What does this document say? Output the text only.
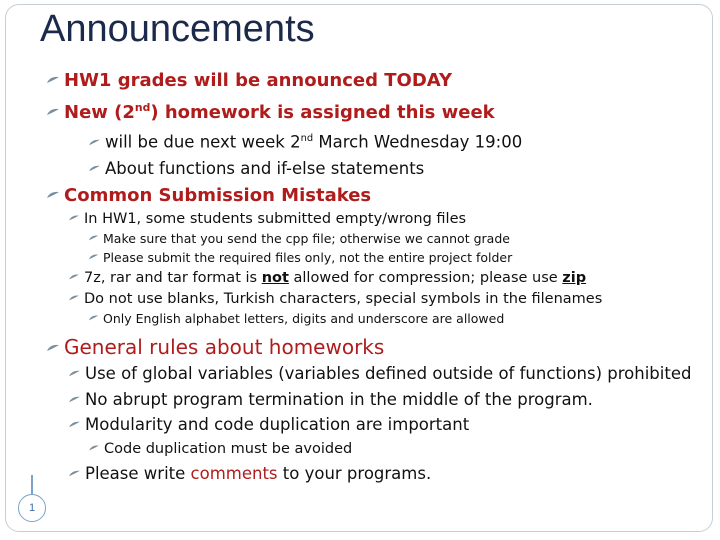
Announcements
HW1 grades will be announced TODAY
New (2nd) homework is assigned this week
will be due next week 2nd March Wednesday 19:00
About functions and if-else statements
Common Submission Mistakes
In HW1, some students submitted empty/wrong files
Make sure that you send the cpp file; otherwise we cannot grade
Please submit the required files only, not the entire project folder
7z, rar and tar format is not allowed for compression; please use zip
Do not use blanks, Turkish characters, special symbols in the filenames
Only English alphabet letters, digits and underscore are allowed
General rules about homeworks
Use of global variables (variables defined outside of functions) prohibited
No abrupt program termination in the middle of the program.
Modularity and code duplication are important
Code duplication must be avoided
Please write comments to your programs.
1
